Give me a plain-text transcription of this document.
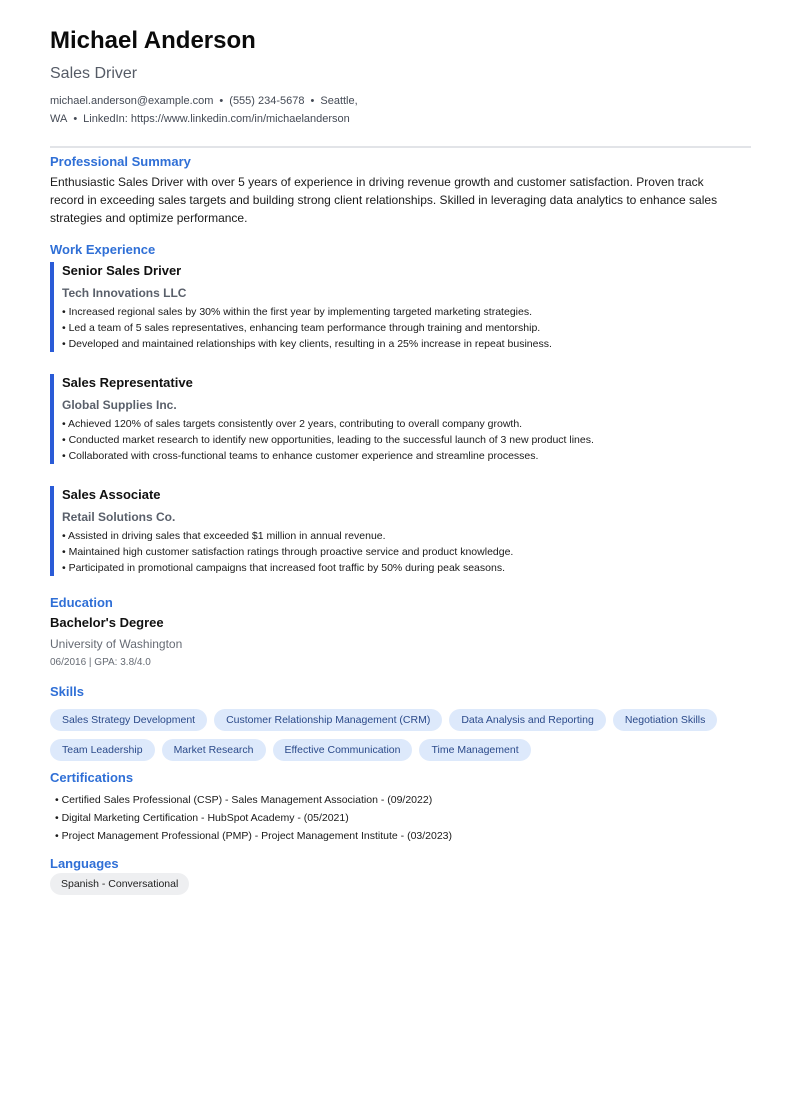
Michael Anderson
Sales Driver
michael.anderson@example.com • (555) 234-5678 • Seattle, WA • LinkedIn: https://www.linkedin.com/in/michaelanderson
Professional Summary

Enthusiastic Sales Driver with over 5 years of experience in driving revenue growth and customer satisfaction. Proven track record in exceeding sales targets and building strong client relationships. Skilled in leveraging data analytics to enhance sales strategies and optimize performance.

Work Experience
Senior Sales Driver
Tech Innovations LLC
• Increased regional sales by 30% within the first year by implementing targeted marketing strategies.
• Led a team of 5 sales representatives, enhancing team performance through training and mentorship.
• Developed and maintained relationships with key clients, resulting in a 25% increase in repeat business.
Sales Representative
Global Supplies Inc.
• Achieved 120% of sales targets consistently over 2 years, contributing to overall company growth.
• Conducted market research to identify new opportunities, leading to the successful launch of 3 new product lines.
• Collaborated with cross-functional teams to enhance customer experience and streamline processes.
Sales Associate
Retail Solutions Co.
• Assisted in driving sales that exceeded $1 million in annual revenue.
• Maintained high customer satisfaction ratings through proactive service and product knowledge.
• Participated in promotional campaigns that increased foot traffic by 50% during peak seasons.
Education
Bachelor's Degree
University of Washington
06/2016 | GPA: 3.8/4.0
Skills
Sales Strategy Development	Customer Relationship Management (CRM)	Data Analysis and Reporting	Negotiation Skills
Team Leadership	Market Research	Effective Communication	Time Management
Certifications
• Certified Sales Professional (CSP) - Sales Management Association - (09/2022)
• Digital Marketing Certification - HubSpot Academy - (05/2021)
• Project Management Professional (PMP) - Project Management Institute - (03/2023)
Languages
Spanish - Conversational
